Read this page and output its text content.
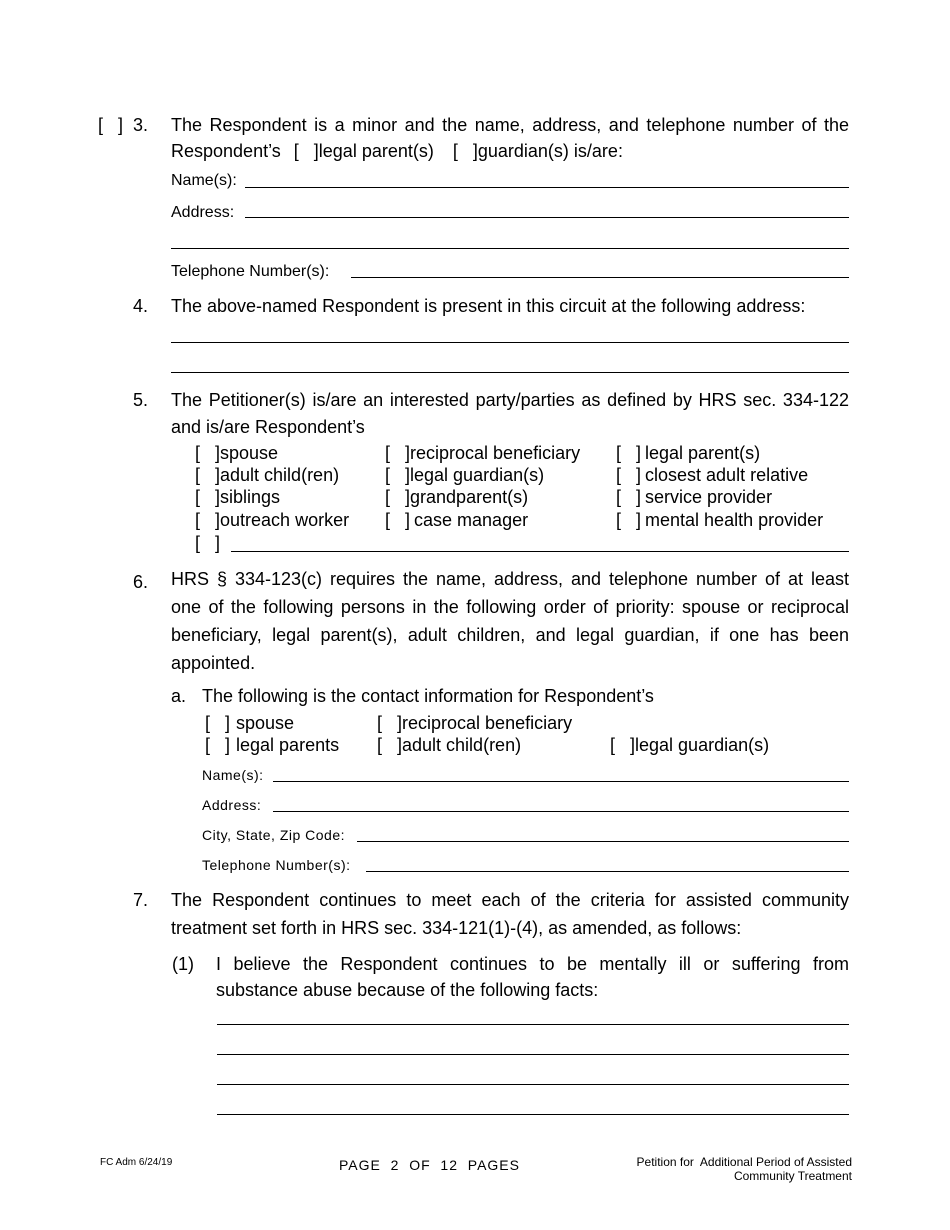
[   ] 3. The Respondent is a minor and the name, address, and telephone number of the
Respondent’s [   ]legal parent(s) [   ]guardian(s) is/are:
Name(s):
Address:
Telephone Number(s):
4. The above-named Respondent is present in this circuit at the following address:
5. The Petitioner(s) is/are an interested party/parties as defined by HRS sec. 334-122
and is/are Respondent’s
[   ]spouse	[   ]reciprocal beneficiary [   ] legal parent(s)
[   ]adult child(ren)	[   ]legal guardian(s)	[   ] closest adult relative
[   ]siblings	[   ]grandparent(s)	[   ] service provider
[   ]outreach worker [   ] case manager	[   ] mental health provider
[   ]
6. HRS § 334-123(c) requires the name, address, and telephone number of at least
one of the following persons in the following order of priority: spouse or reciprocal
beneficiary, legal parent(s), adult children, and legal guardian, if one has been
appointed.
a. The following is the contact information for Respondent’s
[   ] spouse	[   ]reciprocal beneficiary
[   ] legal parents [   ]adult child(ren)	[   ]legal guardian(s)
Name(s):
Address:
City, State, Zip Code:
Telephone Number(s):
7. The Respondent continues to meet each of the criteria for assisted community
treatment set forth in HRS sec. 334-121(1)-(4), as amended, as follows:
(1) I believe the Respondent continues to be mentally ill or suffering from
substance abuse because of the following facts:
FC Adm 6/24/19	PAGE  2  OF  12  PAGES	Petition for  Additional Period of Assisted
Community Treatment
